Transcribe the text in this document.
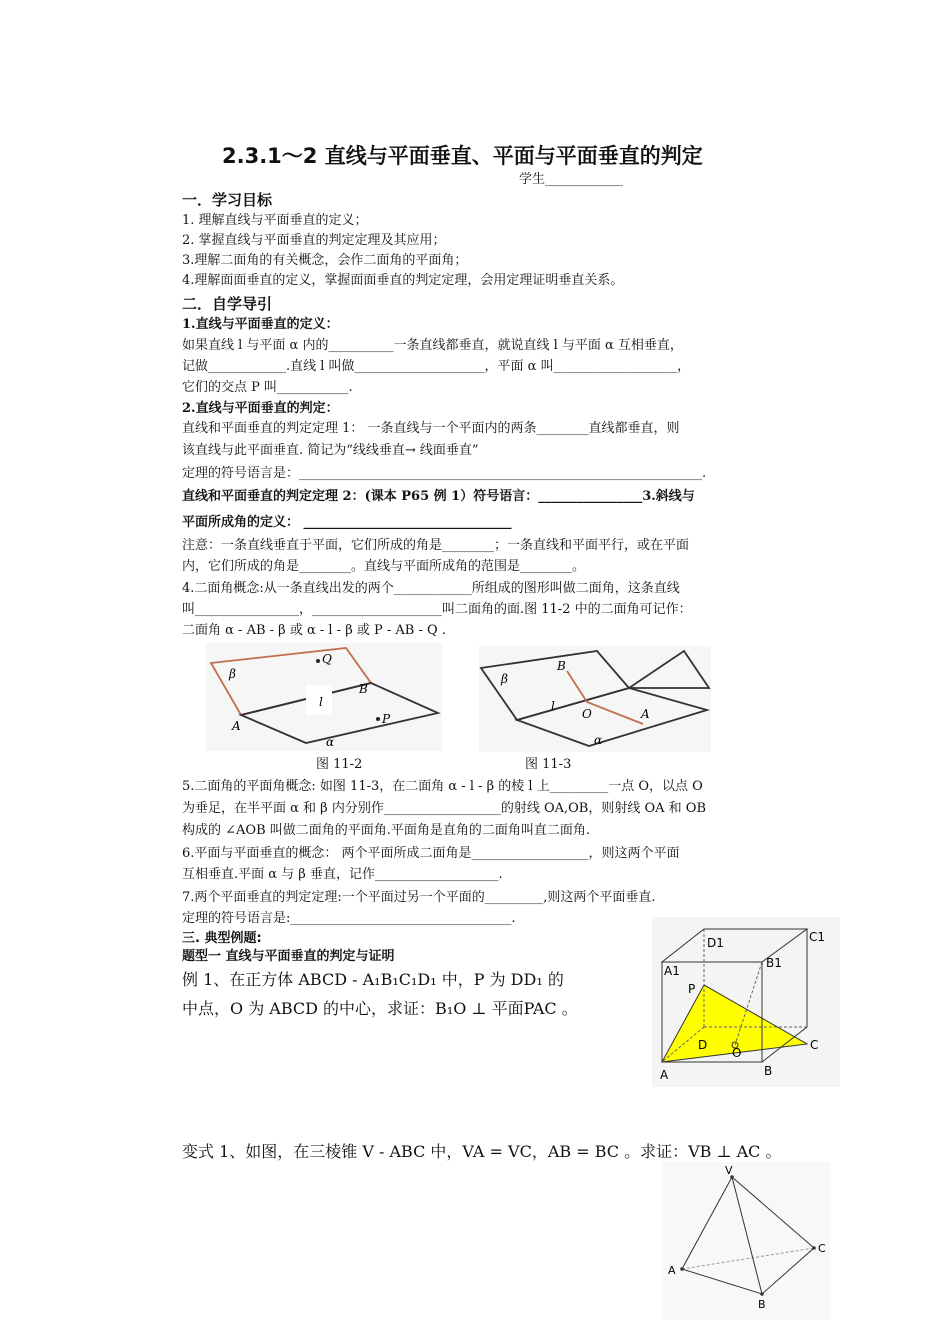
2.3.1～2 直线与平面垂直、平面与平面垂直的判定
学生____________
一．学习目标
1. 理解直线与平面垂直的定义；
2. 掌握直线与平面垂直的判定定理及其应用；
3.理解二面角的有关概念，会作二面角的平面角；
4.理解面面垂直的定义，掌握面面垂直的判定定理，会用定理证明垂直关系。
二．自学导引
1.直线与平面垂直的定义：
如果直线 l 与平面 α 内的__________一条直线都垂直，就说直线 l 与平面 α 互相垂直，
记做____________.直线 l 叫做____________________，平面 α 叫___________________，
它们的交点 P 叫___________.
2.直线与平面垂直的判定：
直线和平面垂直的判定定理 1： 一条直线与一个平面内的两条________直线都垂直，则
该直线与此平面垂直. 简记为“线线垂直→ 线面垂直”
定理的符号语言是：______________________________________________________________.
直线和平面垂直的判定定理 2：(课本 P65 例 1）符号语言：________________3.斜线与
平面所成角的定义： ________________________________
注意：一条直线垂直于平面，它们所成的角是________；一条直线和平面平行，或在平面
内，它们所成的角是________。直线与平面所成角的范围是________。
4.二面角概念:从一条直线出发的两个____________所组成的图形叫做二面角，这条直线
叫________________，____________________叫二面角的面.图 11-2 中的二面角可记作：
二面角 α - AB - β 或 α - l - β 或 P - AB - Q .
β
Q
B
l
A	P
α
图 11-2
β
B
l
O	A
α
图 11-3
5.二面角的平面角概念: 如图 11-3，在二面角 α - l - β 的棱 l 上_________一点 O，以点 O
为垂足，在半平面 α 和 β 内分别作__________________的射线 OA,OB，则射线 OA 和 OB
构成的 ∠AOB 叫做二面角的平面角.平面角是直角的二面角叫直二面角.
6.平面与平面垂直的概念： 两个平面所成二面角是__________________，则这两个平面
互相垂直.平面 α 与 β 垂直，记作___________________.
7.两个平面垂直的判定定理:一个平面过另一个平面的_________,则这两个平面垂直.
定理的符号语言是:__________________________________.
三. 典型例题:
题型一 直线与平面垂直的判定与证明
例 1、在正方体 ABCD - A₁B₁C₁D₁ 中，P 为 DD₁ 的
中点，O 为 ABCD 的中心，求证：B₁O ⊥ 平面PAC 。
D1	C1
A1
B1
P
D
O
C
A	B
变式 1、如图，在三棱锥 V - ABC 中，VA = VC，AB = BC 。求证：VB ⊥ AC 。
V
A
B
C
